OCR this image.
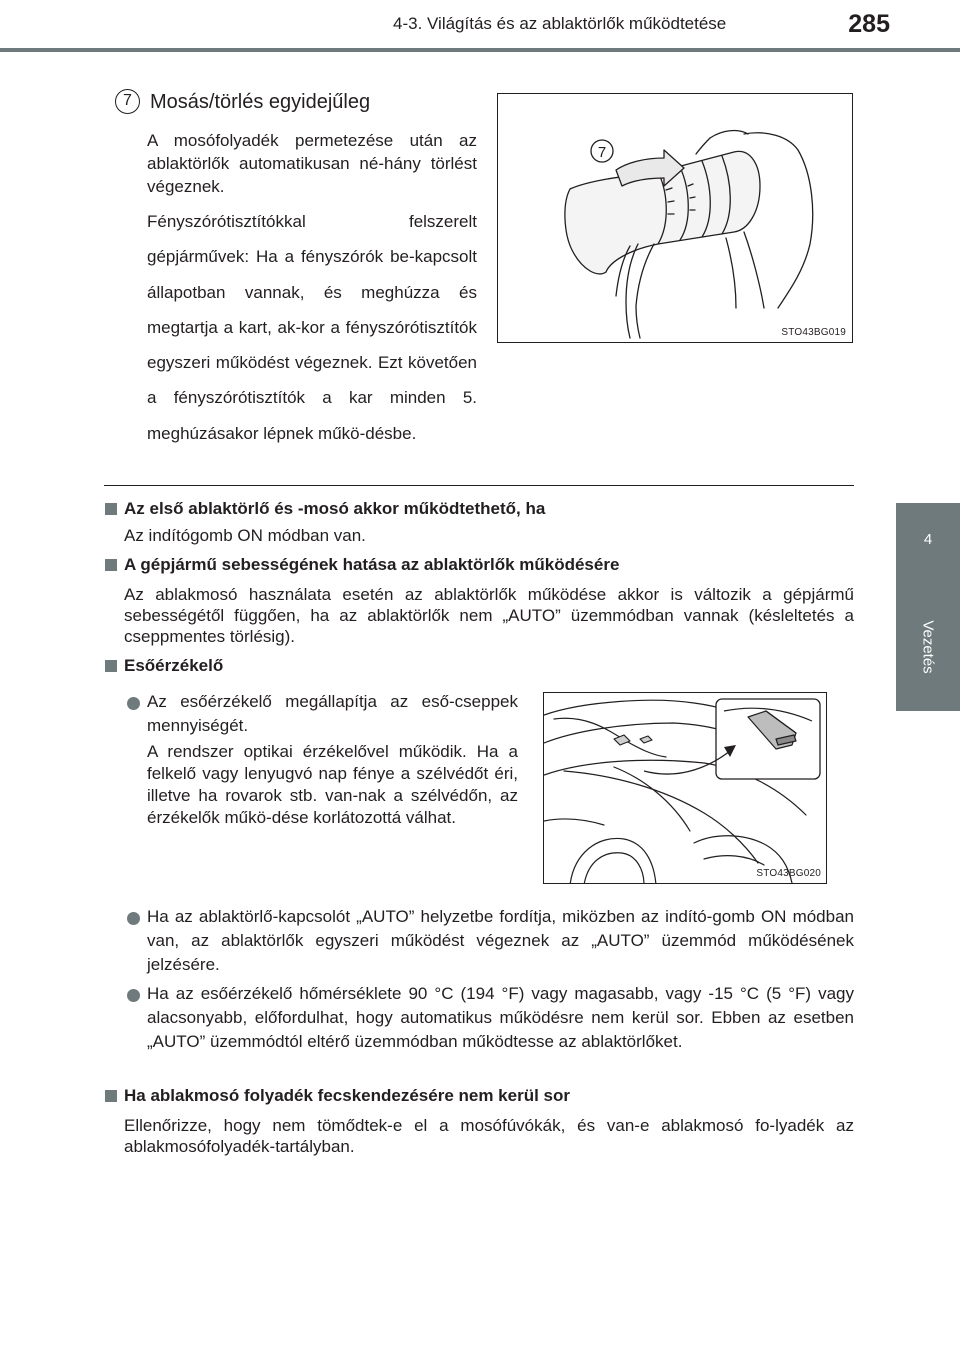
4-3. Világítás és az ablaktörlők működtetése	285
4
Vezetés
7 Mosás/törlés egyidejűleg
A mosófolyadék permetezése után az ablaktörlők automatikusan né-hány törlést végeznek.
Fényszórótisztítókkal felszerelt gépjárművek: Ha a fényszórók be-kapcsolt állapotban vannak, és meghúzza és megtartja a kart, ak-kor a fényszórótisztítók egyszeri működést végeznek. Ezt követően a fényszórótisztítók a kar minden 5. meghúzásakor lépnek műkö-désbe.
7
STO43BG019
Az első ablaktörlő és -mosó akkor működtethető, ha
Az indítógomb ON módban van.
A gépjármű sebességének hatása az ablaktörlők működésére
Az ablakmosó használata esetén az ablaktörlők működése akkor is változik a gépjármű sebességétől függően, ha az ablaktörlők nem „AUTO” üzemmódban vannak (késleltetés a cseppmentes törlésig).
Esőérzékelő
Az esőérzékelő megállapítja az eső-cseppek mennyiségét.
A rendszer optikai érzékelővel működik. Ha a felkelő vagy lenyugvó nap fénye a szélvédőt éri, illetve ha rovarok stb. van-nak a szélvédőn, az érzékelők műkö-dése korlátozottá válhat.
STO43BG020
Ha az ablaktörlő-kapcsolót „AUTO” helyzetbe fordítja, miközben az indító-gomb ON módban van, az ablaktörlők egyszeri működést végeznek az „AUTO” üzemmód működésének jelzésére.
Ha az esőérzékelő hőmérséklete 90 °C (194 °F) vagy magasabb, vagy -15 °C (5 °F) vagy alacsonyabb, előfordulhat, hogy automatikus működésre nem kerül sor. Ebben az esetben „AUTO” üzemmódtól eltérő üzemmódban működtesse az ablaktörlőket.
Ha ablakmosó folyadék fecskendezésére nem kerül sor
Ellenőrizze, hogy nem tömődtek-e el a mosófúvókák, és van-e ablakmosó fo-lyadék az ablakmosófolyadék-tartályban.
